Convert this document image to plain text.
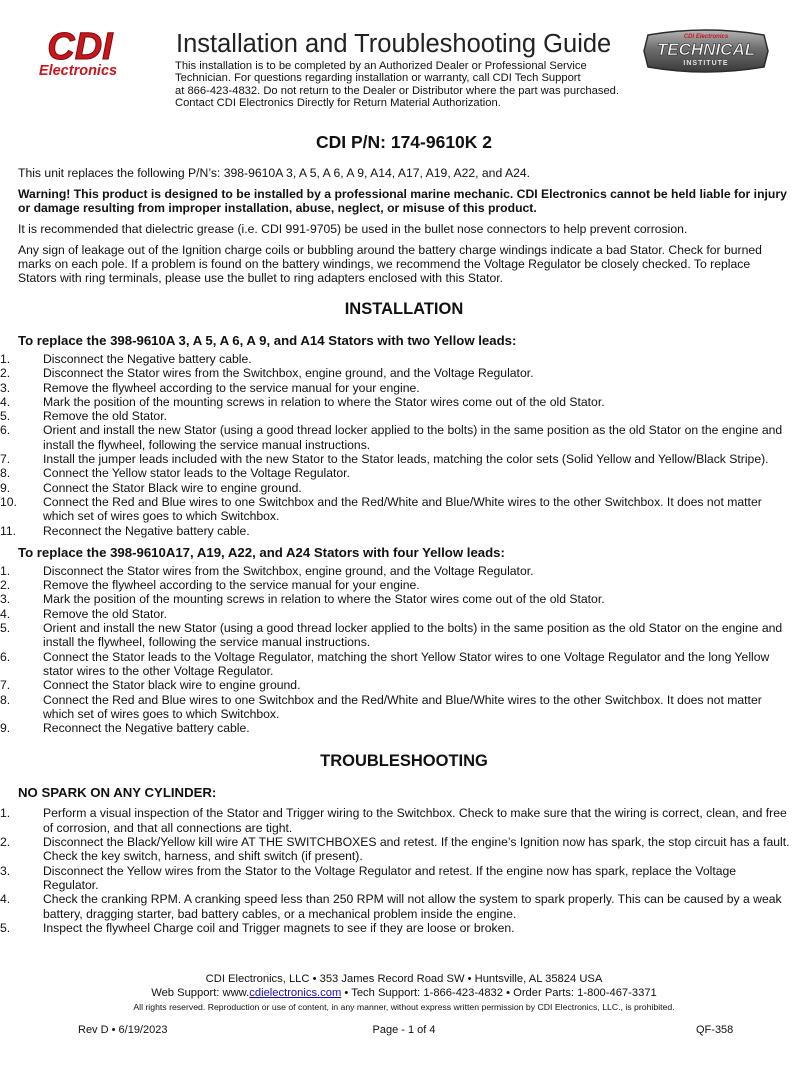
CDI
Electronics
Installation and Troubleshooting Guide
This installation is to be completed by an Authorized Dealer or Professional Service
Technician. For questions regarding installation or warranty, call CDI Tech Support
at 866-423-4832. Do not return to the Dealer or Distributor where the part was purchased.
Contact CDI Electronics Directly for Return Material Authorization.
CDI Electronics
TECHNICAL
INSTITUTE
CDI P/N: 174-9610K 2

This unit replaces the following P/N’s: 398-9610A 3, A 5, A 6, A 9, A14, A17, A19, A22, and A24.

Warning! This product is designed to be installed by a professional marine mechanic. CDI Electronics cannot be held liable for injury or damage resulting from improper installation, abuse, neglect, or misuse of this product.

It is recommended that dielectric grease (i.e. CDI 991-9705) be used in the bullet nose connectors to help prevent corrosion.

Any sign of leakage out of the Ignition charge coils or bubbling around the battery charge windings indicate a bad Stator. Check for burned marks on each pole. If a problem is found on the battery windings, we recommend the Voltage Regulator be closely checked. To replace Stators with ring terminals, please use the bullet to ring adapters enclosed with this Stator.

INSTALLATION
To replace the 398-9610A 3, A 5, A 6, A 9, and A14 Stators with two Yellow leads:
1.	Disconnect the Negative battery cable.
2.	Disconnect the Stator wires from the Switchbox, engine ground, and the Voltage Regulator.
3.	Remove the flywheel according to the service manual for your engine.
4.	Mark the position of the mounting screws in relation to where the Stator wires come out of the old Stator.
5.	Remove the old Stator.
6.	Orient and install the new Stator (using a good thread locker applied to the bolts) in the same position as the old Stator on the engine and install the flywheel, following the service manual instructions.
7.	Install the jumper leads included with the new Stator to the Stator leads, matching the color sets (Solid Yellow and Yellow/Black Stripe).
8.	Connect the Yellow stator leads to the Voltage Regulator.
9.	Connect the Stator Black wire to engine ground.
10.	Connect the Red and Blue wires to one Switchbox and the Red/White and Blue/White wires to the other Switchbox. It does not matter which set of wires goes to which Switchbox.
11.	Reconnect the Negative battery cable.
To replace the 398-9610A17, A19, A22, and A24 Stators with four Yellow leads:
1.	Disconnect the Stator wires from the Switchbox, engine ground, and the Voltage Regulator.
2.	Remove the flywheel according to the service manual for your engine.
3.	Mark the position of the mounting screws in relation to where the Stator wires come out of the old Stator.
4.	Remove the old Stator.
5.	Orient and install the new Stator (using a good thread locker applied to the bolts) in the same position as the old Stator on the engine and install the flywheel, following the service manual instructions.
6.	Connect the Stator leads to the Voltage Regulator, matching the short Yellow Stator wires to one Voltage Regulator and the long Yellow stator wires to the other Voltage Regulator.
7.	Connect the Stator black wire to engine ground.
8.	Connect the Red and Blue wires to one Switchbox and the Red/White and Blue/White wires to the other Switchbox. It does not matter which set of wires goes to which Switchbox.
9.	Reconnect the Negative battery cable.
TROUBLESHOOTING
NO SPARK ON ANY CYLINDER:
1.	Perform a visual inspection of the Stator and Trigger wiring to the Switchbox. Check to make sure that the wiring is correct, clean, and free of corrosion, and that all connections are tight.
2.	Disconnect the Black/Yellow kill wire AT THE SWITCHBOXES and retest. If the engine’s Ignition now has spark, the stop circuit has a fault. Check the key switch, harness, and shift switch (if present).
3.	Disconnect the Yellow wires from the Stator to the Voltage Regulator and retest. If the engine now has spark, replace the Voltage Regulator.
4.	Check the cranking RPM. A cranking speed less than 250 RPM will not allow the system to spark properly. This can be caused by a weak battery, dragging starter, bad battery cables, or a mechanical problem inside the engine.
5.	Inspect the flywheel Charge coil and Trigger magnets to see if they are loose or broken.
CDI Electronics, LLC • 353 James Record Road SW • Huntsville, AL 35824 USA
Web Support: www.cdielectronics.com • Tech Support: 1-866-423-4832 • Order Parts: 1-800-467-3371
All rights reserved. Reproduction or use of content, in any manner, without express written permission by CDI Electronics, LLC., is prohibited.
Rev D • 6/19/2023	Page - 1 of 4	QF-358
